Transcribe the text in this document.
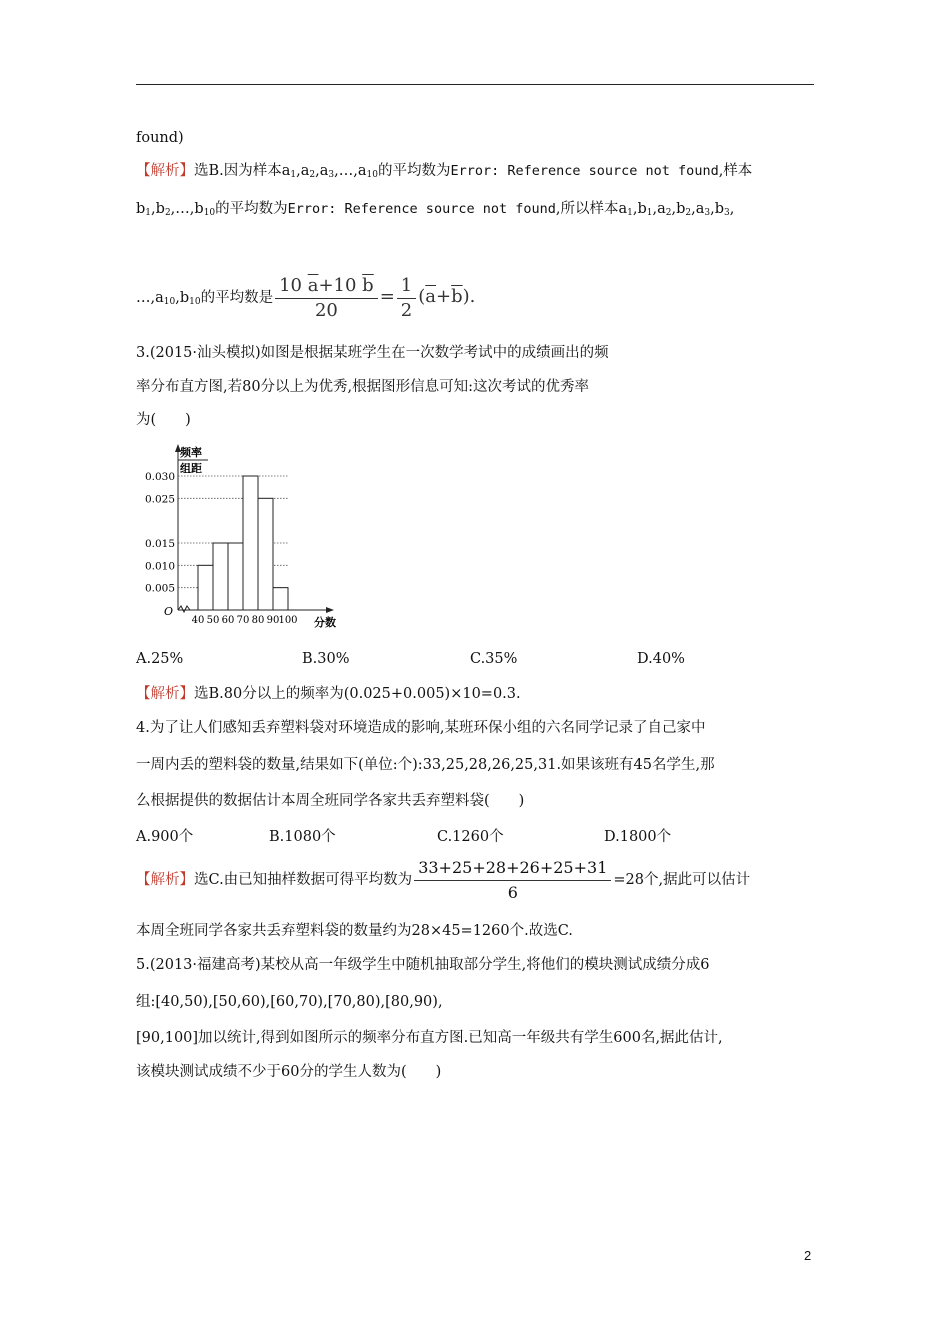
found)
【解析】选B.因为样本$a_1,a_2,a_3,\dots,a_{10}$的平均数为Error: Reference source not found,样本
$b_1,b_2,\dots,b_{10}$的平均数为Error: Reference source not found,所以样本$a_1,b_1,a_2,b_2,a_3,b_3$,
$\dots,a_{10},b_{10}$的平均数是 $\frac{10 \overline{a}+10 \overline{b}}{20} = \frac{1}{2} (\overline{a}+\overline{b})$.
3.(2015·汕头模拟)如图是根据某班学生在一次数学考试中的成绩画出的频
率分布直方图,若80分以上为优秀,根据图形信息可知:这次考试的优秀率
为(　　)
频率
组距
O
分数
0.030
0.025
0.015
0.010
0.005
40 50 60 70 80 90 100
A.25%	B.30%	C.35%	D.40%
【解析】选B.80分以上的频率为(0.025+0.005)×10=0.3.
4.为了让人们感知丢弃塑料袋对环境造成的影响,某班环保小组的六名同学记录了自己家中
一周内丢的塑料袋的数量,结果如下(单位:个):33,25,28,26,25,31.如果该班有45名学生,那
么根据提供的数据估计本周全班同学各家共丢弃塑料袋(　　)
A.900个	B.1080个	C.1260个	D.1800个
【解析】选C.由已知抽样数据可得平均数为 $\frac{33+25+28+26+25+31}{6} =28$个,据此可以估计
本周全班同学各家共丢弃塑料袋的数量约为28×45=1260个.故选C.
5.(2013·福建高考)某校从高一年级学生中随机抽取部分学生,将他们的模块测试成绩分成6
组:[40,50),[50,60),[60,70),[70,80),[80,90),
[90,100]加以统计,得到如图所示的频率分布直方图.已知高一年级共有学生600名,据此估计,
该模块测试成绩不少于60分的学生人数为(　　)
2
